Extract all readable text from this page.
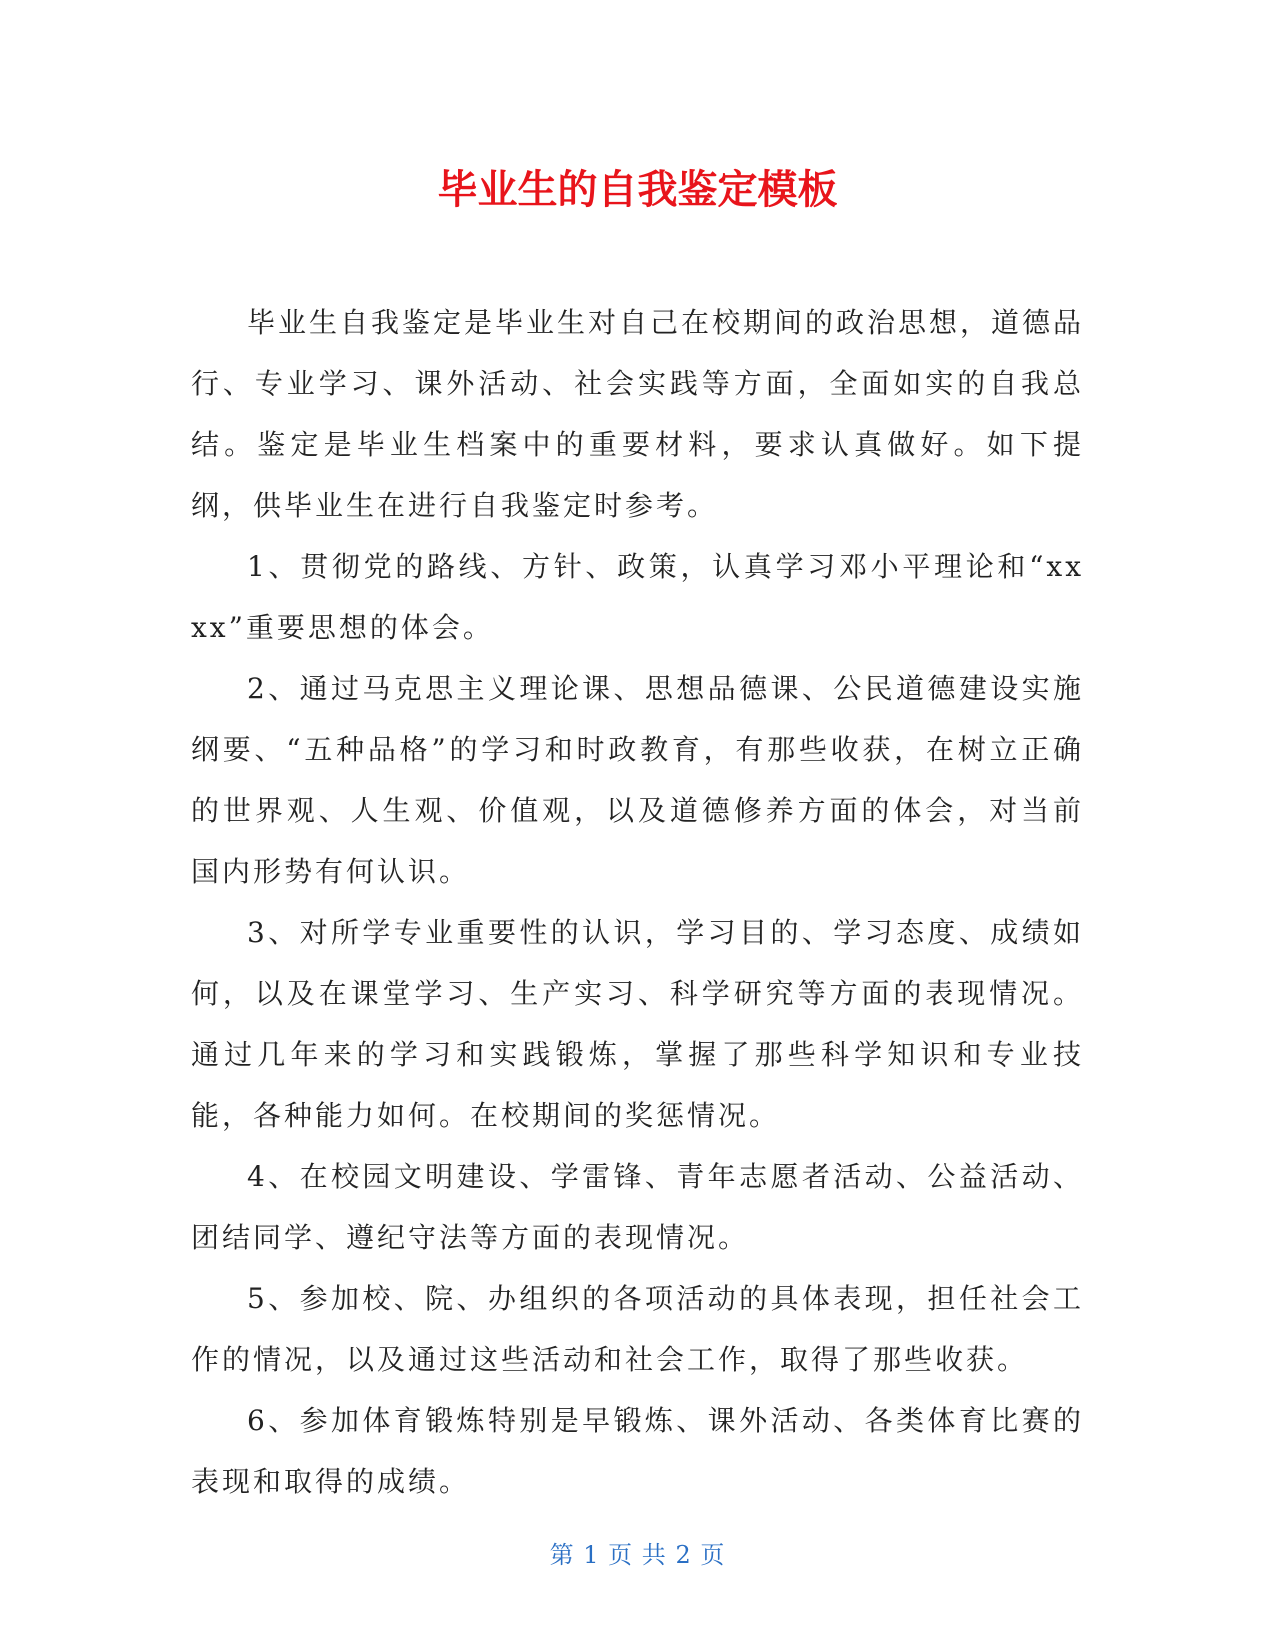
毕业生的自我鉴定模板

毕业生自我鉴定是毕业生对自己在校期间的政治思想，道德品行、专业学习、课外活动、社会实践等方面，全面如实的自我总结。鉴定是毕业生档案中的重要材料，要求认真做好。如下提纲，供毕业生在进行自我鉴定时参考。

1、贯彻党的路线、方针、政策，认真学习邓小平理论和“xxxx”重要思想的体会。

2、通过马克思主义理论课、思想品德课、公民道德建设实施纲要、“五种品格”的学习和时政教育，有那些收获，在树立正确的世界观、人生观、价值观，以及道德修养方面的体会，对当前国内形势有何认识。

3、对所学专业重要性的认识，学习目的、学习态度、成绩如何，以及在课堂学习、生产实习、科学研究等方面的表现情况。通过几年来的学习和实践锻炼，掌握了那些科学知识和专业技能，各种能力如何。在校期间的奖惩情况。

4、在校园文明建设、学雷锋、青年志愿者活动、公益活动、团结同学、遵纪守法等方面的表现情况。

5、参加校、院、办组织的各项活动的具体表现，担任社会工作的情况，以及通过这些活动和社会工作，取得了那些收获。

6、参加体育锻炼特别是早锻炼、课外活动、各类体育比赛的表现和取得的成绩。

第 1 页 共 2 页
